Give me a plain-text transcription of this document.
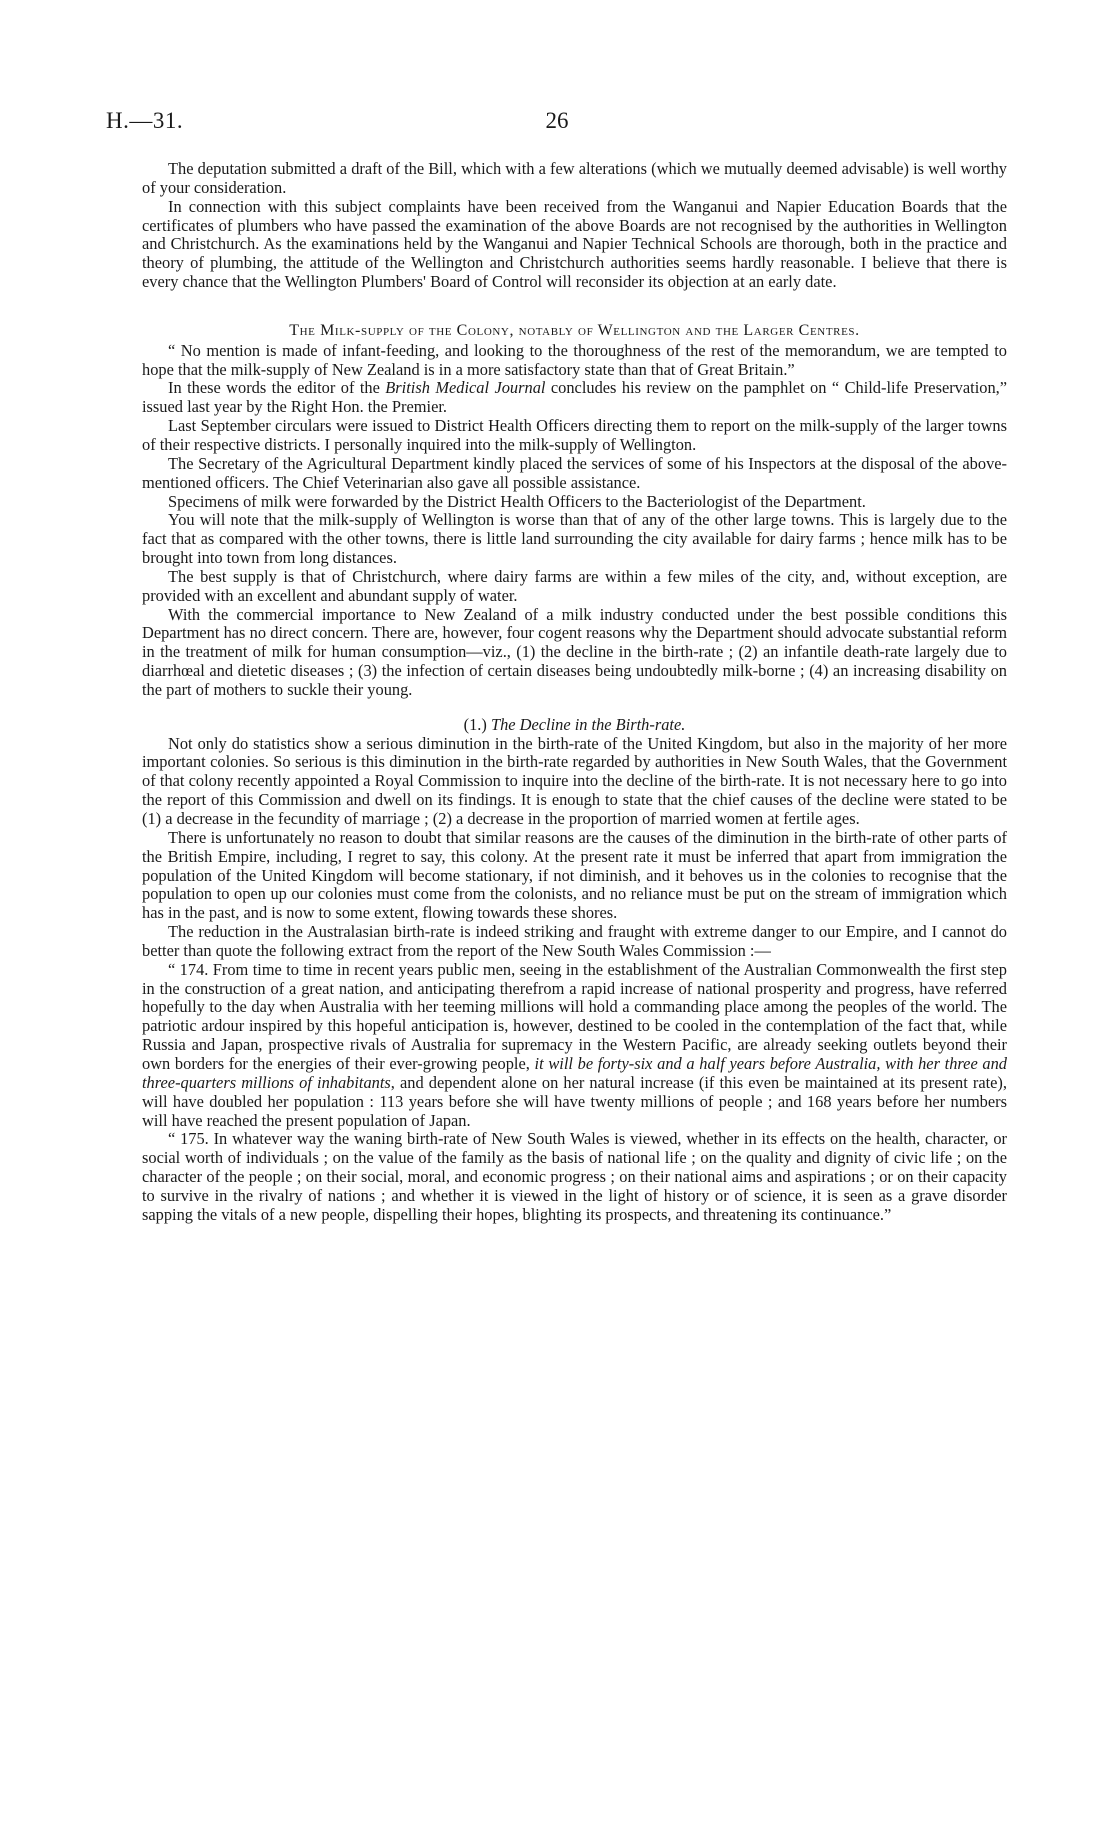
26
H.—31.

The deputation submitted a draft of the Bill, which with a few alterations (which we mutually deemed advisable) is well worthy of your consideration.

In connection with this subject complaints have been received from the Wanganui and Napier Education Boards that the certificates of plumbers who have passed the examination of the above Boards are not recognised by the authorities in Wellington and Christchurch. As the examinations held by the Wanganui and Napier Technical Schools are thorough, both in the practice and theory of plumbing, the attitude of the Wellington and Christchurch authorities seems hardly reasonable. I believe that there is every chance that the Wellington Plumbers' Board of Control will reconsider its objection at an early date.

The Milk-supply of the Colony, notably of Wellington and the Larger Centres.

“ No mention is made of infant-feeding, and looking to the thoroughness of the rest of the memorandum, we are tempted to hope that the milk-supply of New Zealand is in a more satisfactory state than that of Great Britain.”

In these words the editor of the British Medical Journal concludes his review on the pamphlet on “ Child-life Preservation,” issued last year by the Right Hon. the Premier.

Last September circulars were issued to District Health Officers directing them to report on the milk-supply of the larger towns of their respective districts. I personally inquired into the milk-supply of Wellington.

The Secretary of the Agricultural Department kindly placed the services of some of his Inspectors at the disposal of the above-mentioned officers. The Chief Veterinarian also gave all possible assistance.

Specimens of milk were forwarded by the District Health Officers to the Bacteriologist of the Department.

You will note that the milk-supply of Wellington is worse than that of any of the other large towns. This is largely due to the fact that as compared with the other towns, there is little land surrounding the city available for dairy farms ; hence milk has to be brought into town from long distances.

The best supply is that of Christchurch, where dairy farms are within a few miles of the city, and, without exception, are provided with an excellent and abundant supply of water.

With the commercial importance to New Zealand of a milk industry conducted under the best possible conditions this Department has no direct concern. There are, however, four cogent reasons why the Department should advocate substantial reform in the treatment of milk for human consumption—viz., (1) the decline in the birth-rate ; (2) an infantile death-rate largely due to diarrhœal and dietetic diseases ; (3) the infection of certain diseases being undoubtedly milk-borne ; (4) an increasing disability on the part of mothers to suckle their young.

(1.) The Decline in the Birth-rate.

Not only do statistics show a serious diminution in the birth-rate of the United Kingdom, but also in the majority of her more important colonies. So serious is this diminution in the birth-rate regarded by authorities in New South Wales, that the Government of that colony recently appointed a Royal Commission to inquire into the decline of the birth-rate. It is not necessary here to go into the report of this Commission and dwell on its findings. It is enough to state that the chief causes of the decline were stated to be (1) a decrease in the fecundity of marriage ; (2) a decrease in the proportion of married women at fertile ages.

There is unfortunately no reason to doubt that similar reasons are the causes of the diminution in the birth-rate of other parts of the British Empire, including, I regret to say, this colony. At the present rate it must be inferred that apart from immigration the population of the United Kingdom will become stationary, if not diminish, and it behoves us in the colonies to recognise that the population to open up our colonies must come from the colonists, and no reliance must be put on the stream of immigration which has in the past, and is now to some extent, flowing towards these shores.

The reduction in the Australasian birth-rate is indeed striking and fraught with extreme danger to our Empire, and I cannot do better than quote the following extract from the report of the New South Wales Commission :—

“ 174. From time to time in recent years public men, seeing in the establishment of the Australian Commonwealth the first step in the construction of a great nation, and anticipating therefrom a rapid increase of national prosperity and progress, have referred hopefully to the day when Australia with her teeming millions will hold a commanding place among the peoples of the world. The patriotic ardour inspired by this hopeful anticipation is, however, destined to be cooled in the contemplation of the fact that, while Russia and Japan, prospective rivals of Australia for supremacy in the Western Pacific, are already seeking outlets beyond their own borders for the energies of their ever-growing people, it will be forty-six and a half years before Australia, with her three and three-quarters millions of inhabitants, and dependent alone on her natural increase (if this even be maintained at its present rate), will have doubled her population : 113 years before she will have twenty millions of people ; and 168 years before her numbers will have reached the present population of Japan.

“ 175. In whatever way the waning birth-rate of New South Wales is viewed, whether in its effects on the health, character, or social worth of individuals ; on the value of the family as the basis of national life ; on the quality and dignity of civic life ; on the character of the people ; on their social, moral, and economic progress ; on their national aims and aspirations ; or on their capacity to survive in the rivalry of nations ; and whether it is viewed in the light of history or of science, it is seen as a grave disorder sapping the vitals of a new people, dispelling their hopes, blighting its prospects, and threatening its continuance.”
